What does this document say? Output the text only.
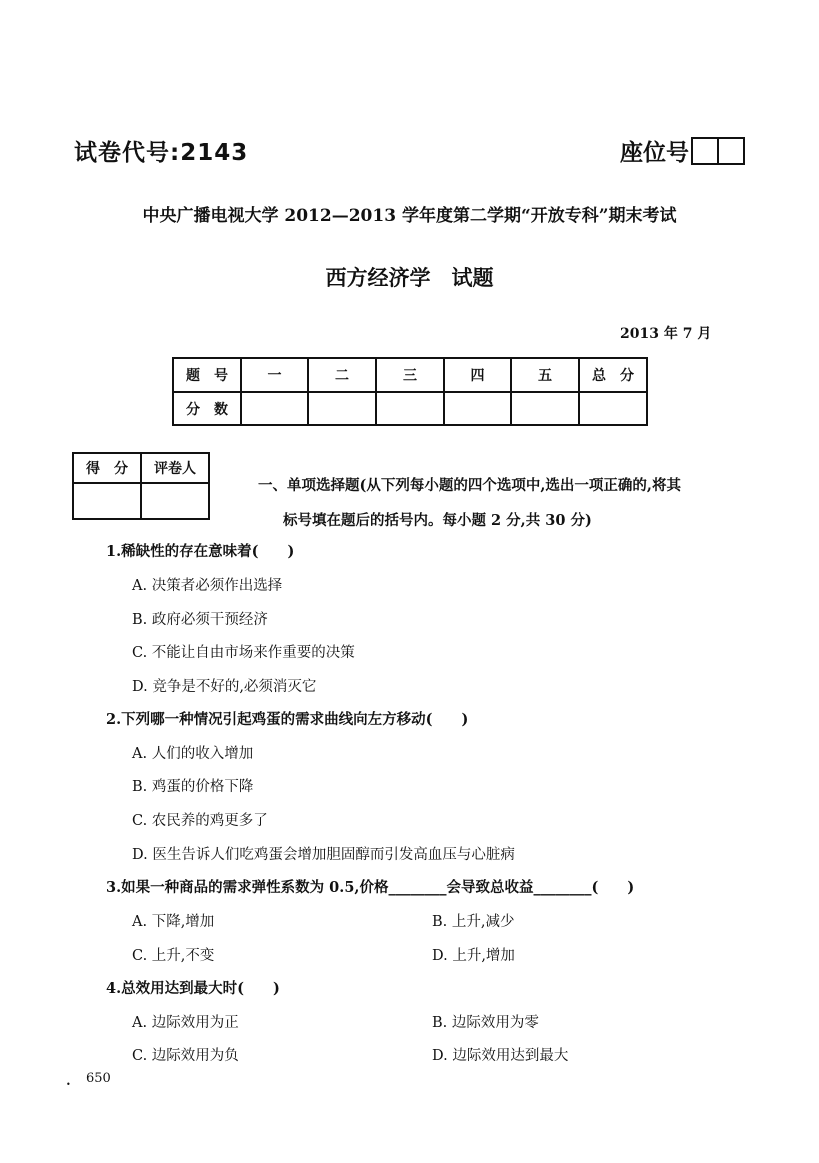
试卷代号:2143	座位号
中央广播电视大学 2012—2013 学年度第二学期“开放专科”期末考试
西方经济学　试题
2013 年 7 月
题　号	一	二	三	四	五	总　分
分　数						
得　分	评卷人

一、单项选择题(从下列每小题的四个选项中,选出一项正确的,将其
标号填在题后的括号内。每小题 2 分,共 30 分)
1.稀缺性的存在意味着(　　)
A. 决策者必须作出选择
B. 政府必须干预经济
C. 不能让自由市场来作重要的决策
D. 竞争是不好的,必须消灭它
2.下列哪一种情况引起鸡蛋的需求曲线向左方移动(　　)
A. 人们的收入增加
B. 鸡蛋的价格下降
C. 农民养的鸡更多了
D. 医生告诉人们吃鸡蛋会增加胆固醇而引发高血压与心脏病
3.如果一种商品的需求弹性系数为 0.5,价格________会导致总收益________(　　)
A. 下降,增加	B. 上升,减少
C. 上升,不变	D. 上升,增加
4.总效用达到最大时(　　)
A. 边际效用为正	B. 边际效用为零
C. 边际效用为负	D. 边际效用达到最大
• 650
